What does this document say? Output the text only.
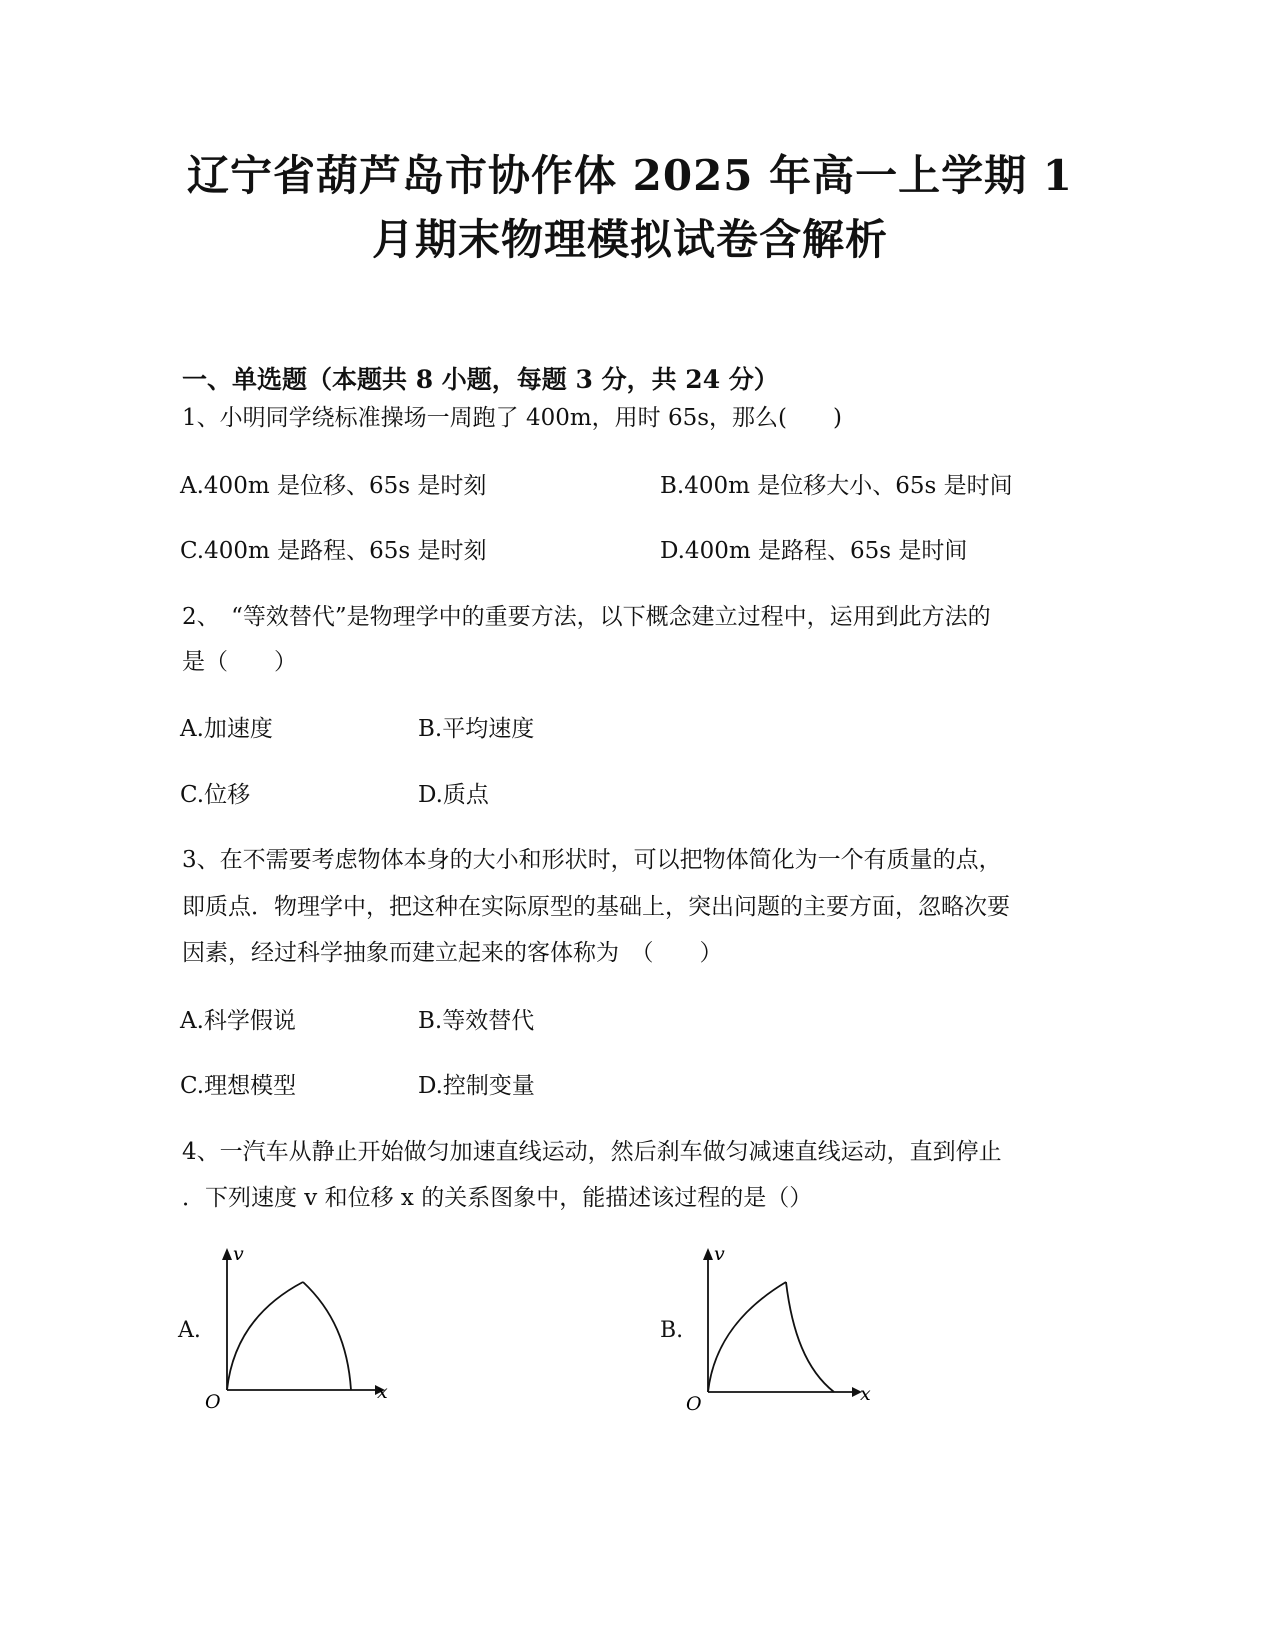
辽宁省葫芦岛市协作体 2025 年高一上学期 1
月期末物理模拟试卷含解析
一、单选题（本题共 8 小题，每题 3 分，共 24 分）
1、小明同学绕标准操场一周跑了 400m，用时 65s，那么(　　)
A.400m 是位移、65s 是时刻	B.400m 是位移大小、65s 是时间
C.400m 是路程、65s 是时刻	D.400m 是路程、65s 是时间
2、　“等效替代”是物理学中的重要方法，以下概念建立过程中，运用到此方法的
是（　　）
A.加速度	B.平均速度
C.位移	D.质点
3、在不需要考虑物体本身的大小和形状时，可以把物体简化为一个有质量的点，
即质点．物理学中，把这种在实际原型的基础上，突出问题的主要方面，忽略次要
因素，经过科学抽象而建立起来的客体称为　（　　）
A.科学假说	B.等效替代
C.理想模型	D.控制变量
4、一汽车从静止开始做匀加速直线运动，然后刹车做匀减速直线运动，直到停止
．下列速度 v 和位移 x 的关系图象中，能描述该过程的是（）
A.	B.
v
x
O
v
x
O
